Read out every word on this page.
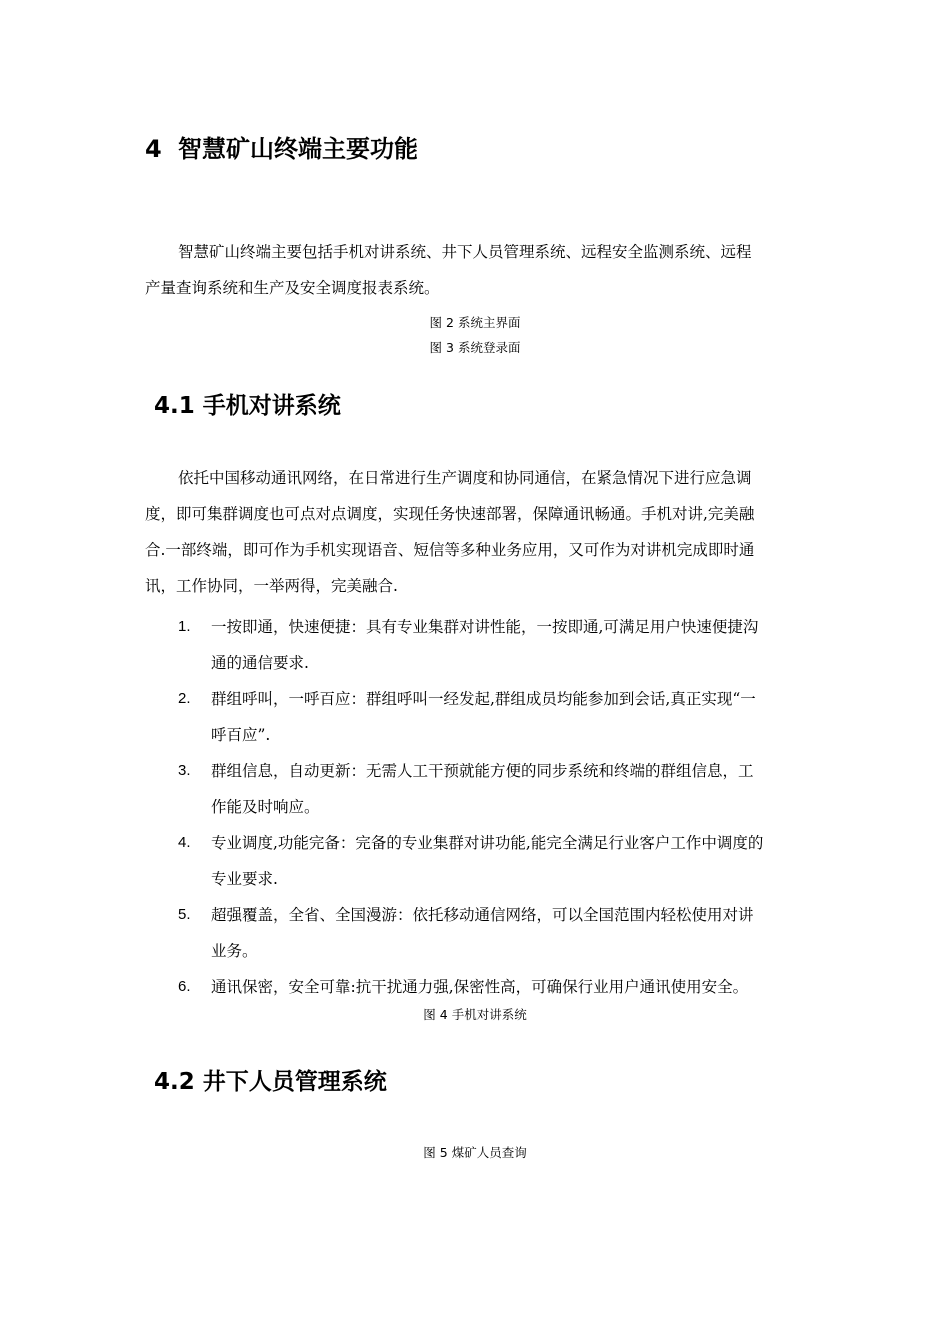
4 智慧矿山终端主要功能
智慧矿山终端主要包括手机对讲系统、井下人员管理系统、远程安全监测系统、远程
产量查询系统和生产及安全调度报表系统。
图 2 系统主界面
图 3 系统登录面
4.1 手机对讲系统
依托中国移动通讯网络，在日常进行生产调度和协同通信，在紧急情况下进行应急调
度，即可集群调度也可点对点调度，实现任务快速部署，保障通讯畅通。手机对讲,完美融
合.一部终端，即可作为手机实现语音、短信等多种业务应用，又可作为对讲机完成即时通
讯，工作协同，一举两得，完美融合.
1. 一按即通，快速便捷：具有专业集群对讲性能，一按即通,可满足用户快速便捷沟
通的通信要求.
2. 群组呼叫，一呼百应：群组呼叫一经发起,群组成员均能参加到会话,真正实现“一
呼百应”.
3. 群组信息，自动更新：无需人工干预就能方便的同步系统和终端的群组信息，工
作能及时响应。
4. 专业调度,功能完备：完备的专业集群对讲功能,能完全满足行业客户工作中调度的
专业要求.
5. 超强覆盖，全省、全国漫游：依托移动通信网络，可以全国范围内轻松使用对讲
业务。
6. 通讯保密，安全可靠:抗干扰通力强,保密性高，可确保行业用户通讯使用安全。
图 4 手机对讲系统
4.2 井下人员管理系统
图 5 煤矿人员查询
